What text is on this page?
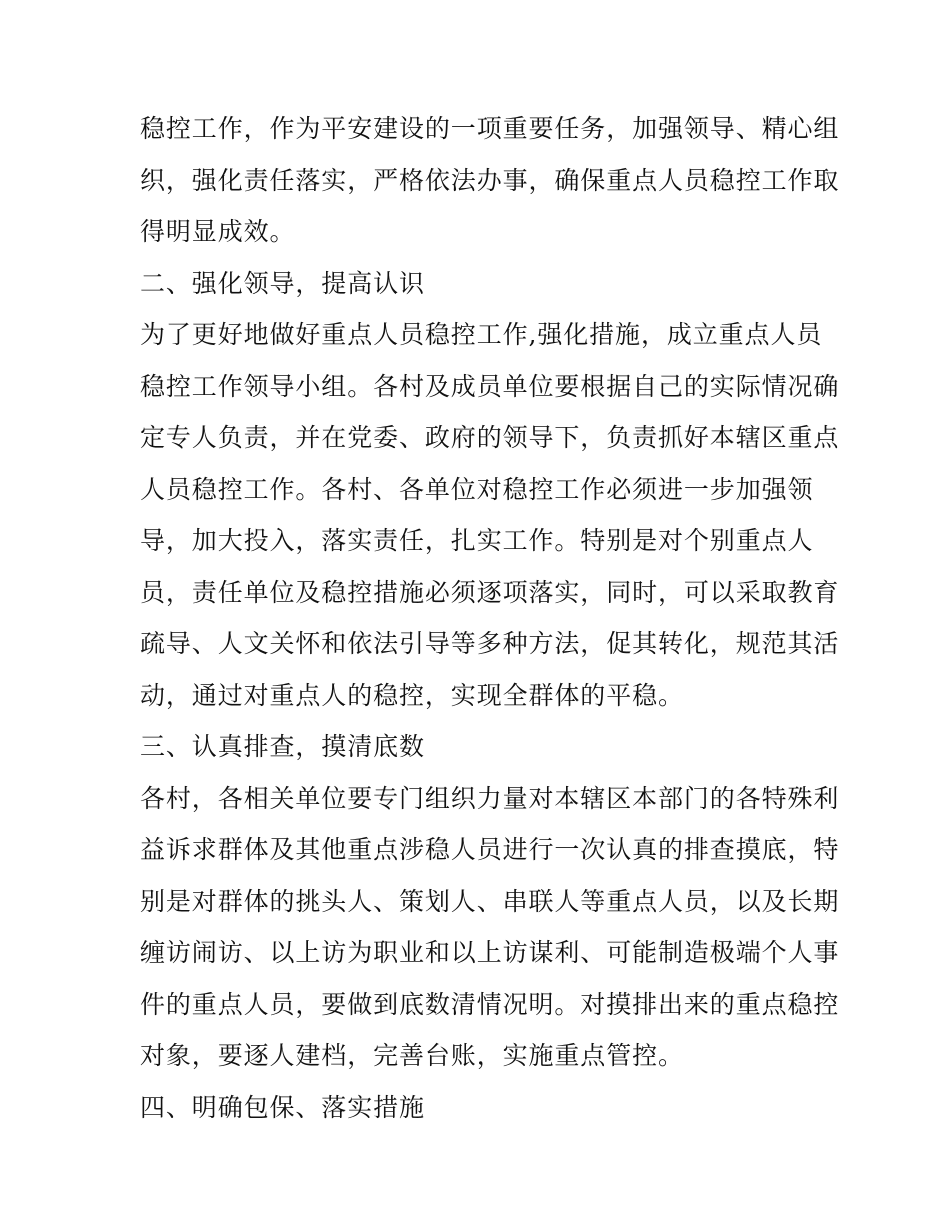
稳控工作，作为平安建设的一项重要任务，加强领导、精心组
织，强化责任落实，严格依法办事，确保重点人员稳控工作取
得明显成效。
二、强化领导，提高认识
为了更好地做好重点人员稳控工作,强化措施，成立重点人员
稳控工作领导小组。各村及成员单位要根据自己的实际情况确
定专人负责，并在党委、政府的领导下，负责抓好本辖区重点
人员稳控工作。各村、各单位对稳控工作必须进一步加强领
导，加大投入，落实责任，扎实工作。特别是对个别重点人
员，责任单位及稳控措施必须逐项落实，同时，可以采取教育
疏导、人文关怀和依法引导等多种方法，促其转化，规范其活
动，通过对重点人的稳控，实现全群体的平稳。
三、认真排查，摸清底数
各村，各相关单位要专门组织力量对本辖区本部门的各特殊利
益诉求群体及其他重点涉稳人员进行一次认真的排查摸底，特
别是对群体的挑头人、策划人、串联人等重点人员，以及长期
缠访闹访、以上访为职业和以上访谋利、可能制造极端个人事
件的重点人员，要做到底数清情况明。对摸排出来的重点稳控
对象，要逐人建档，完善台账，实施重点管控。
四、明确包保、落实措施
